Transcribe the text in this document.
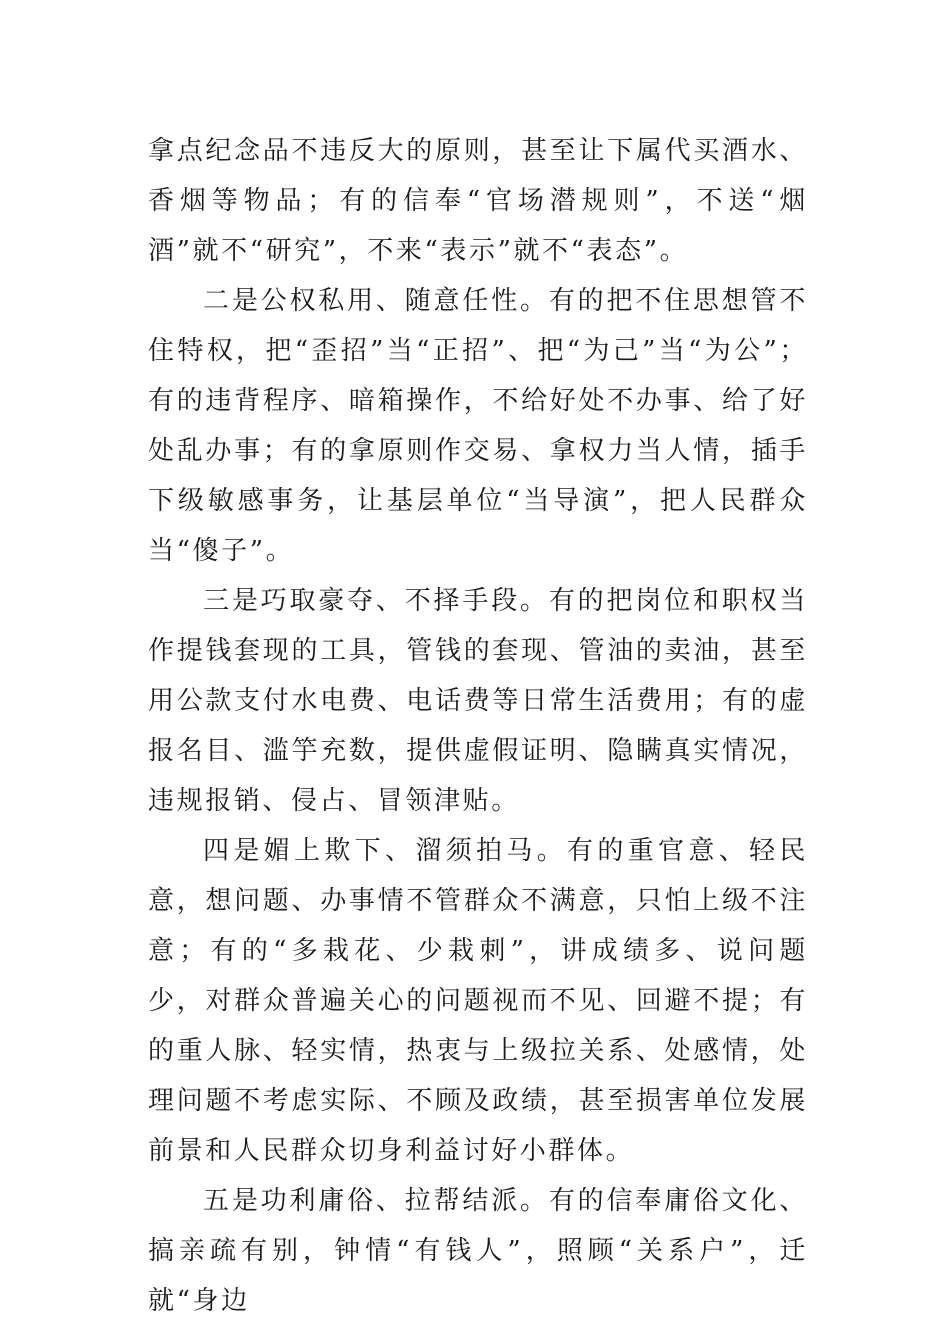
拿点纪念品不违反大的原则，甚至让下属代买酒水、香烟等物品；有的信奉“官场潜规则”，不送“烟酒”就不“研究”，不来“表示”就不“表态”。

二是公权私用、随意任性。有的把不住思想管不住特权，把“歪招”当“正招”、把“为己”当“为公”；有的违背程序、暗箱操作，不给好处不办事、给了好处乱办事；有的拿原则作交易、拿权力当人情，插手下级敏感事务，让基层单位“当导演”，把人民群众当“傻子”。

三是巧取豪夺、不择手段。有的把岗位和职权当作提钱套现的工具，管钱的套现、管油的卖油，甚至用公款支付水电费、电话费等日常生活费用；有的虚报名目、滥竽充数，提供虚假证明、隐瞒真实情况，违规报销、侵占、冒领津贴。

四是媚上欺下、溜须拍马。有的重官意、轻民意，想问题、办事情不管群众不满意，只怕上级不注意；有的“多栽花、少栽刺”，讲成绩多、说问题少，对群众普遍关心的问题视而不见、回避不提；有的重人脉、轻实情，热衷与上级拉关系、处感情，处理问题不考虑实际、不顾及政绩，甚至损害单位发展前景和人民群众切身利益讨好小群体。

五是功利庸俗、拉帮结派。有的信奉庸俗文化、搞亲疏有别，钟情“有钱人”，照顾“关系户”，迁就“身边
